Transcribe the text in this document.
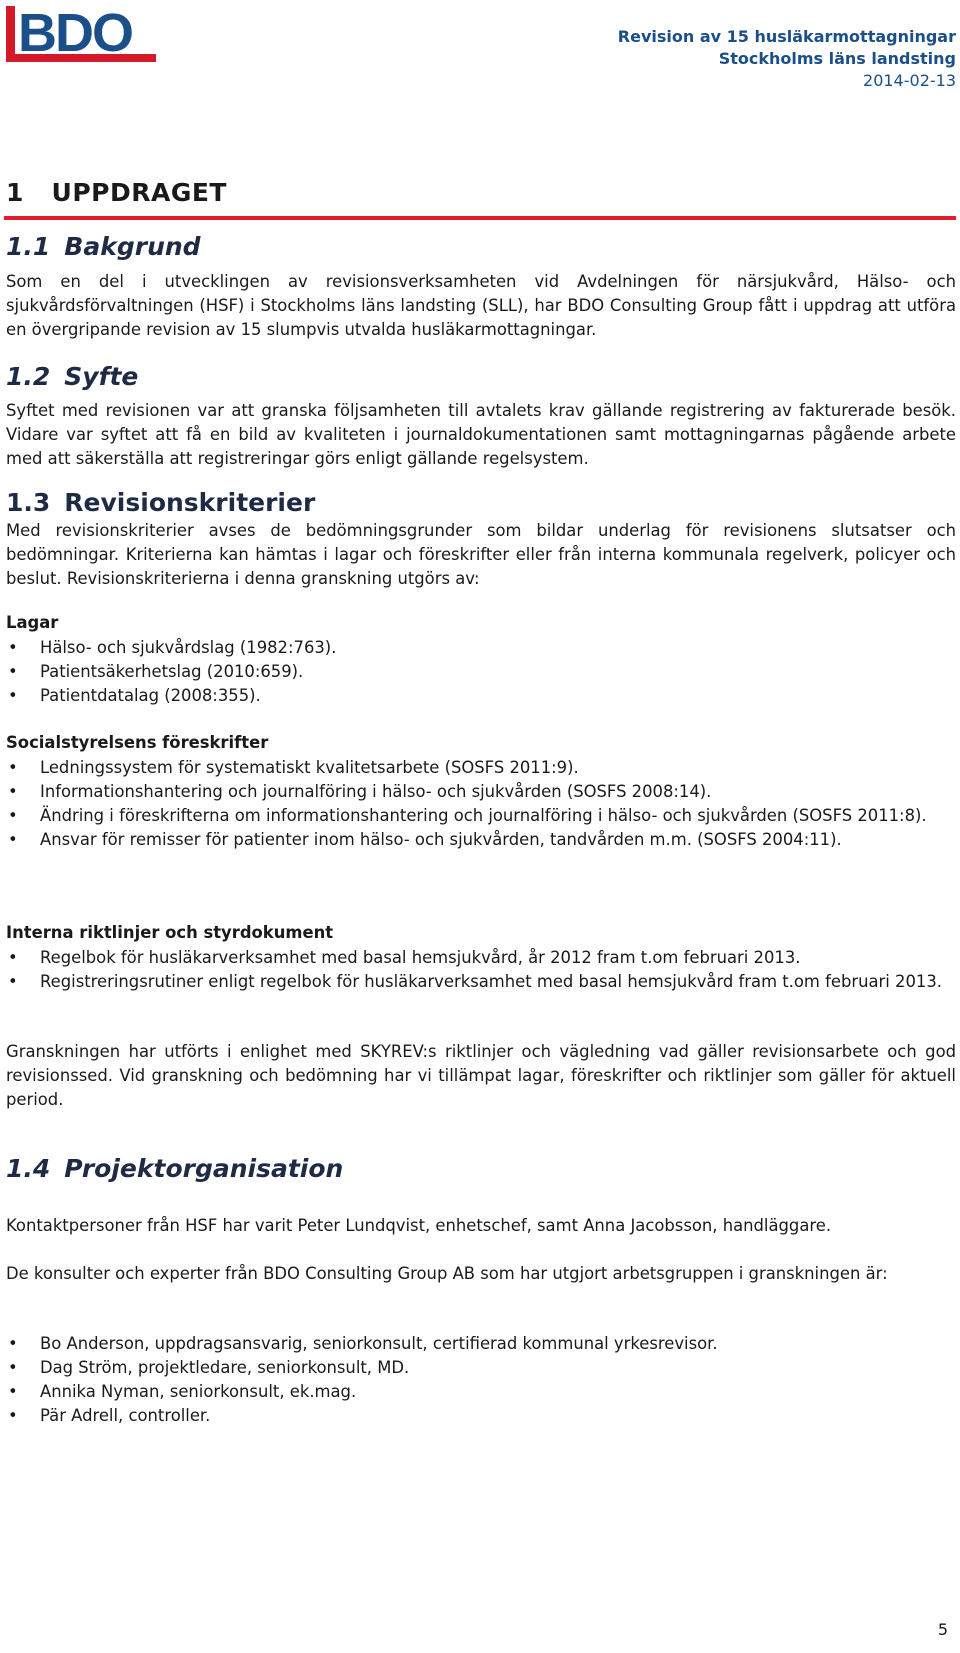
BDO	Revision av 15 husläkarmottagningar
Stockholms läns landsting
2014-02-13
1 UPPDRAGET
1.1 Bakgrund

Som en del i utvecklingen av revisionsverksamheten vid Avdelningen för närsjukvård, Hälso- och sjukvårdsförvaltningen (HSF) i Stockholms läns landsting (SLL), har BDO Consulting Group fått i uppdrag att utföra en övergripande revision av 15 slumpvis utvalda husläkarmottagningar.

1.2 Syfte

Syftet med revisionen var att granska följsamheten till avtalets krav gällande registrering av fakturerade besök. Vidare var syftet att få en bild av kvaliteten i journaldokumentationen samt mottagningarnas pågående arbete med att säkerställa att registreringar görs enligt gällande regelsystem.

1.3 Revisionskriterier

Med revisionskriterier avses de bedömningsgrunder som bildar underlag för revisionens slutsatser och bedömningar. Kriterierna kan hämtas i lagar och föreskrifter eller från interna kommunala regelverk, policyer och beslut. Revisionskriterierna i denna granskning utgörs av:

Lagar
• Hälso- och sjukvårdslag (1982:763).
• Patientsäkerhetslag (2010:659).
• Patientdatalag (2008:355).
Socialstyrelsens föreskrifter
• Ledningssystem för systematiskt kvalitetsarbete (SOSFS 2011:9).
• Informationshantering och journalföring i hälso- och sjukvården (SOSFS 2008:14).
• Ändring i föreskrifterna om informationshantering och journalföring i hälso- och sjukvården (SOSFS 2011:8).
• Ansvar för remisser för patienter inom hälso- och sjukvården, tandvården m.m. (SOSFS 2004:11).
Interna riktlinjer och styrdokument
• Regelbok för husläkarverksamhet med basal hemsjukvård, år 2012 fram t.om februari 2013.
• Registreringsrutiner enligt regelbok för husläkarverksamhet med basal hemsjukvård fram t.om februari 2013.

Granskningen har utförts i enlighet med SKYREV:s riktlinjer och vägledning vad gäller revisionsarbete och god revisionssed. Vid granskning och bedömning har vi tillämpat lagar, föreskrifter och riktlinjer som gäller för aktuell period.

1.4 Projektorganisation

Kontaktpersoner från HSF har varit Peter Lundqvist, enhetschef, samt Anna Jacobsson, handläggare.

De konsulter och experter från BDO Consulting Group AB som har utgjort arbetsgruppen i granskningen är:

• Bo Anderson, uppdragsansvarig, seniorkonsult, certifierad kommunal yrkesrevisor.
• Dag Ström, projektledare, seniorkonsult, MD.
• Annika Nyman, seniorkonsult, ek.mag.
• Pär Adrell, controller.
5
